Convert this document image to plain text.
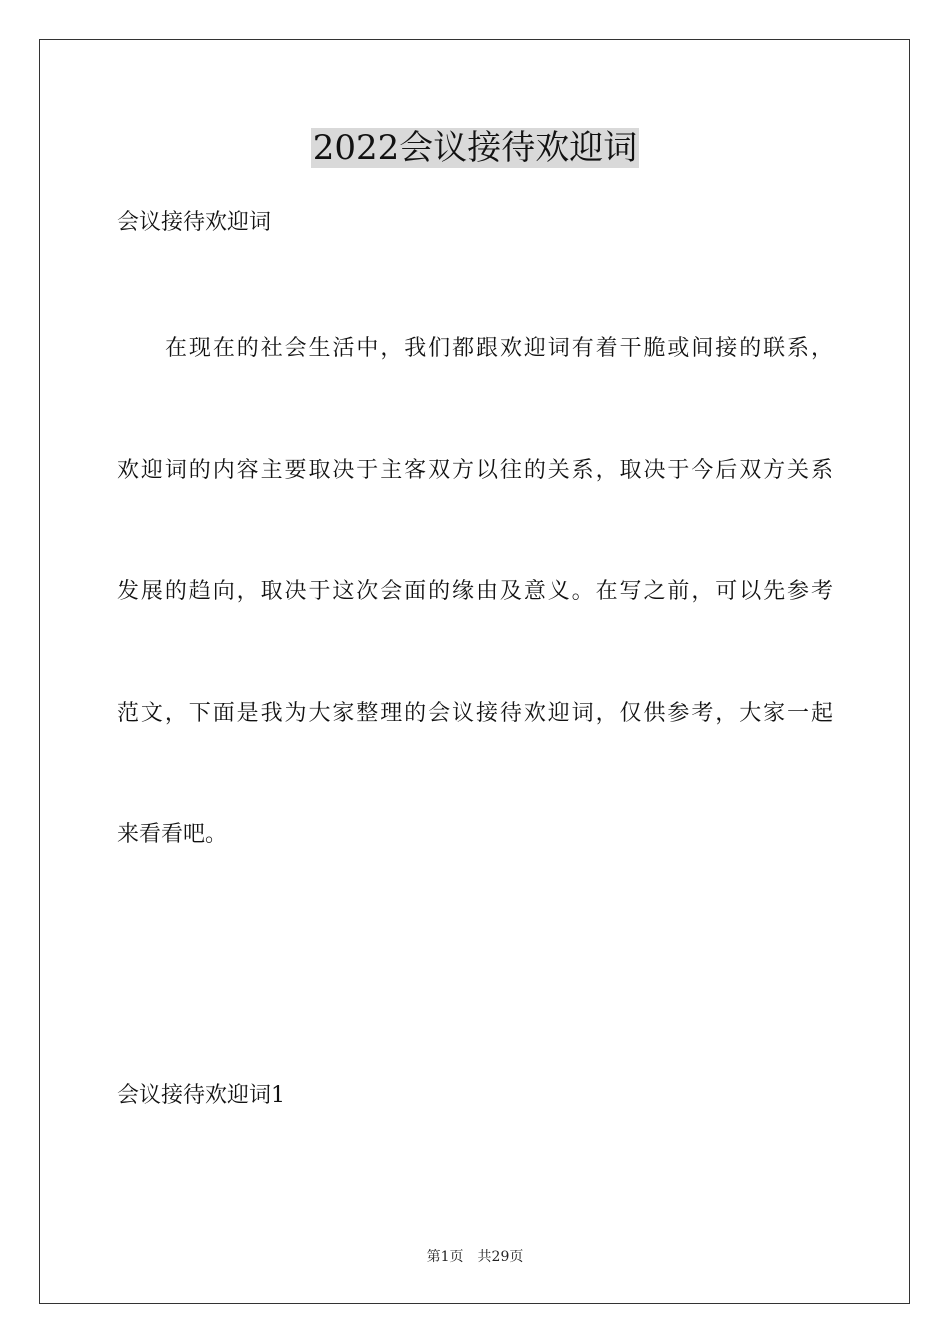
2022会议接待欢迎词

会议接待欢迎词

在现在的社会生活中，我们都跟欢迎词有着干脆或间接的联系，

欢迎词的内容主要取决于主客双方以往的关系，取决于今后双方关系

发展的趋向，取决于这次会面的缘由及意义。在写之前，可以先参考

范文，下面是我为大家整理的会议接待欢迎词，仅供参考，大家一起

来看看吧。

会议接待欢迎词1

第1页 共29页
